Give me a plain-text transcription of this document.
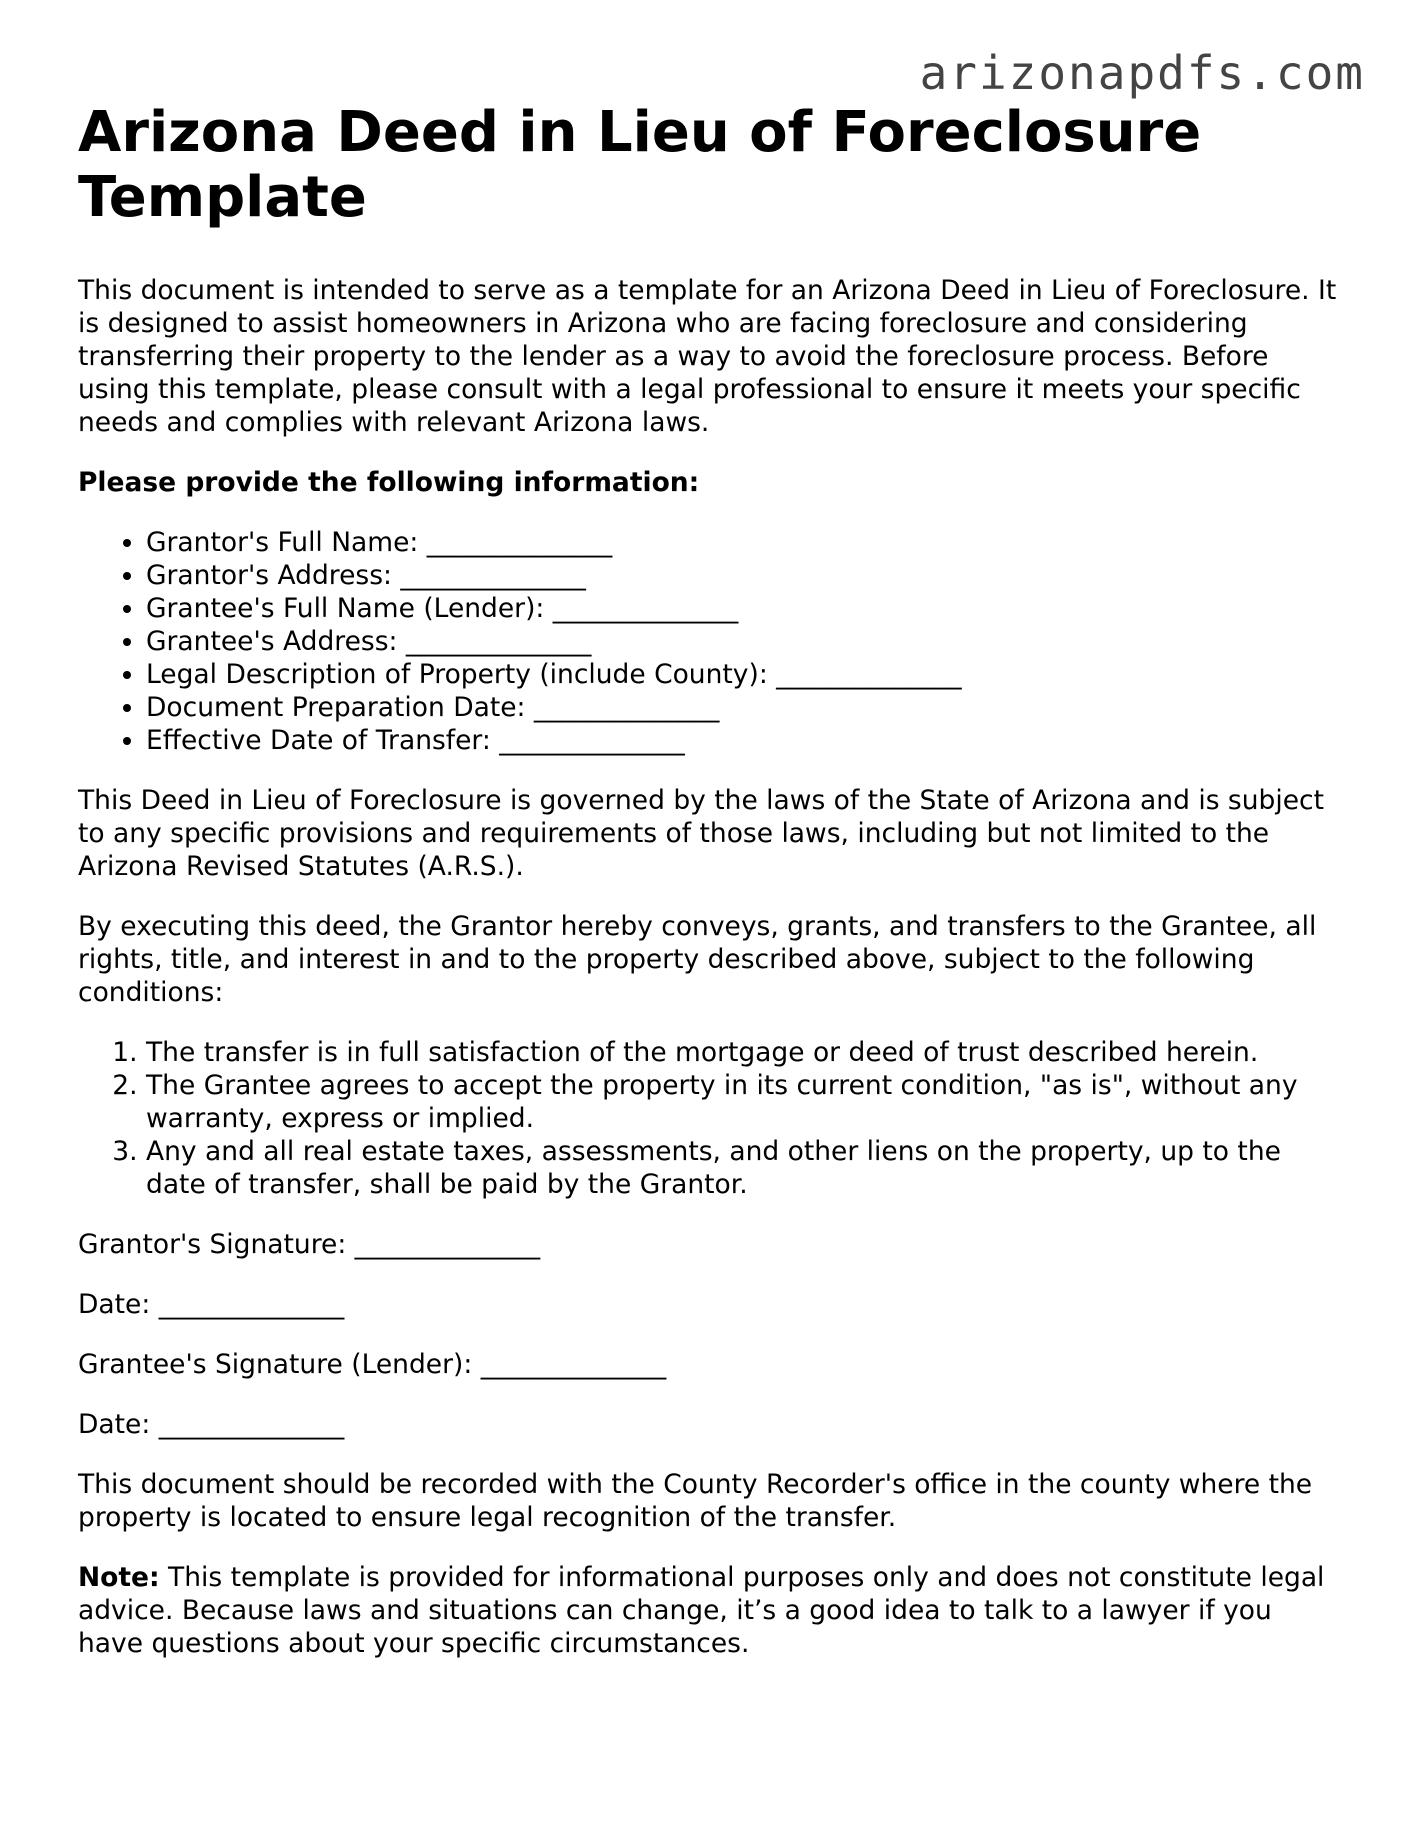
arizonapdfs.com
Arizona Deed in Lieu of Foreclosure Template

This document is intended to serve as a template for an Arizona Deed in Lieu of Foreclosure. It is designed to assist homeowners in Arizona who are facing foreclosure and considering transferring their property to the lender as a way to avoid the foreclosure process. Before using this template, please consult with a legal professional to ensure it meets your specific needs and complies with relevant Arizona laws.

Please provide the following information:

• Grantor's Full Name: ______________
• Grantor's Address: ______________
• Grantee's Full Name (Lender): ______________
• Grantee's Address: ______________
• Legal Description of Property (include County): ______________
• Document Preparation Date: ______________
• Effective Date of Transfer: ______________

This Deed in Lieu of Foreclosure is governed by the laws of the State of Arizona and is subject to any specific provisions and requirements of those laws, including but not limited to the Arizona Revised Statutes (A.R.S.).

By executing this deed, the Grantor hereby conveys, grants, and transfers to the Grantee, all rights, title, and interest in and to the property described above, subject to the following conditions:

1. The transfer is in full satisfaction of the mortgage or deed of trust described herein.
2. The Grantee agrees to accept the property in its current condition, "as is", without any warranty, express or implied.
3. Any and all real estate taxes, assessments, and other liens on the property, up to the date of transfer, shall be paid by the Grantor.

Grantor's Signature: ______________

Date: ______________

Grantee's Signature (Lender): ______________

Date: ______________

This document should be recorded with the County Recorder's office in the county where the property is located to ensure legal recognition of the transfer.

Note: This template is provided for informational purposes only and does not constitute legal advice. Because laws and situations can change, it’s a good idea to talk to a lawyer if you have questions about your specific circumstances.
